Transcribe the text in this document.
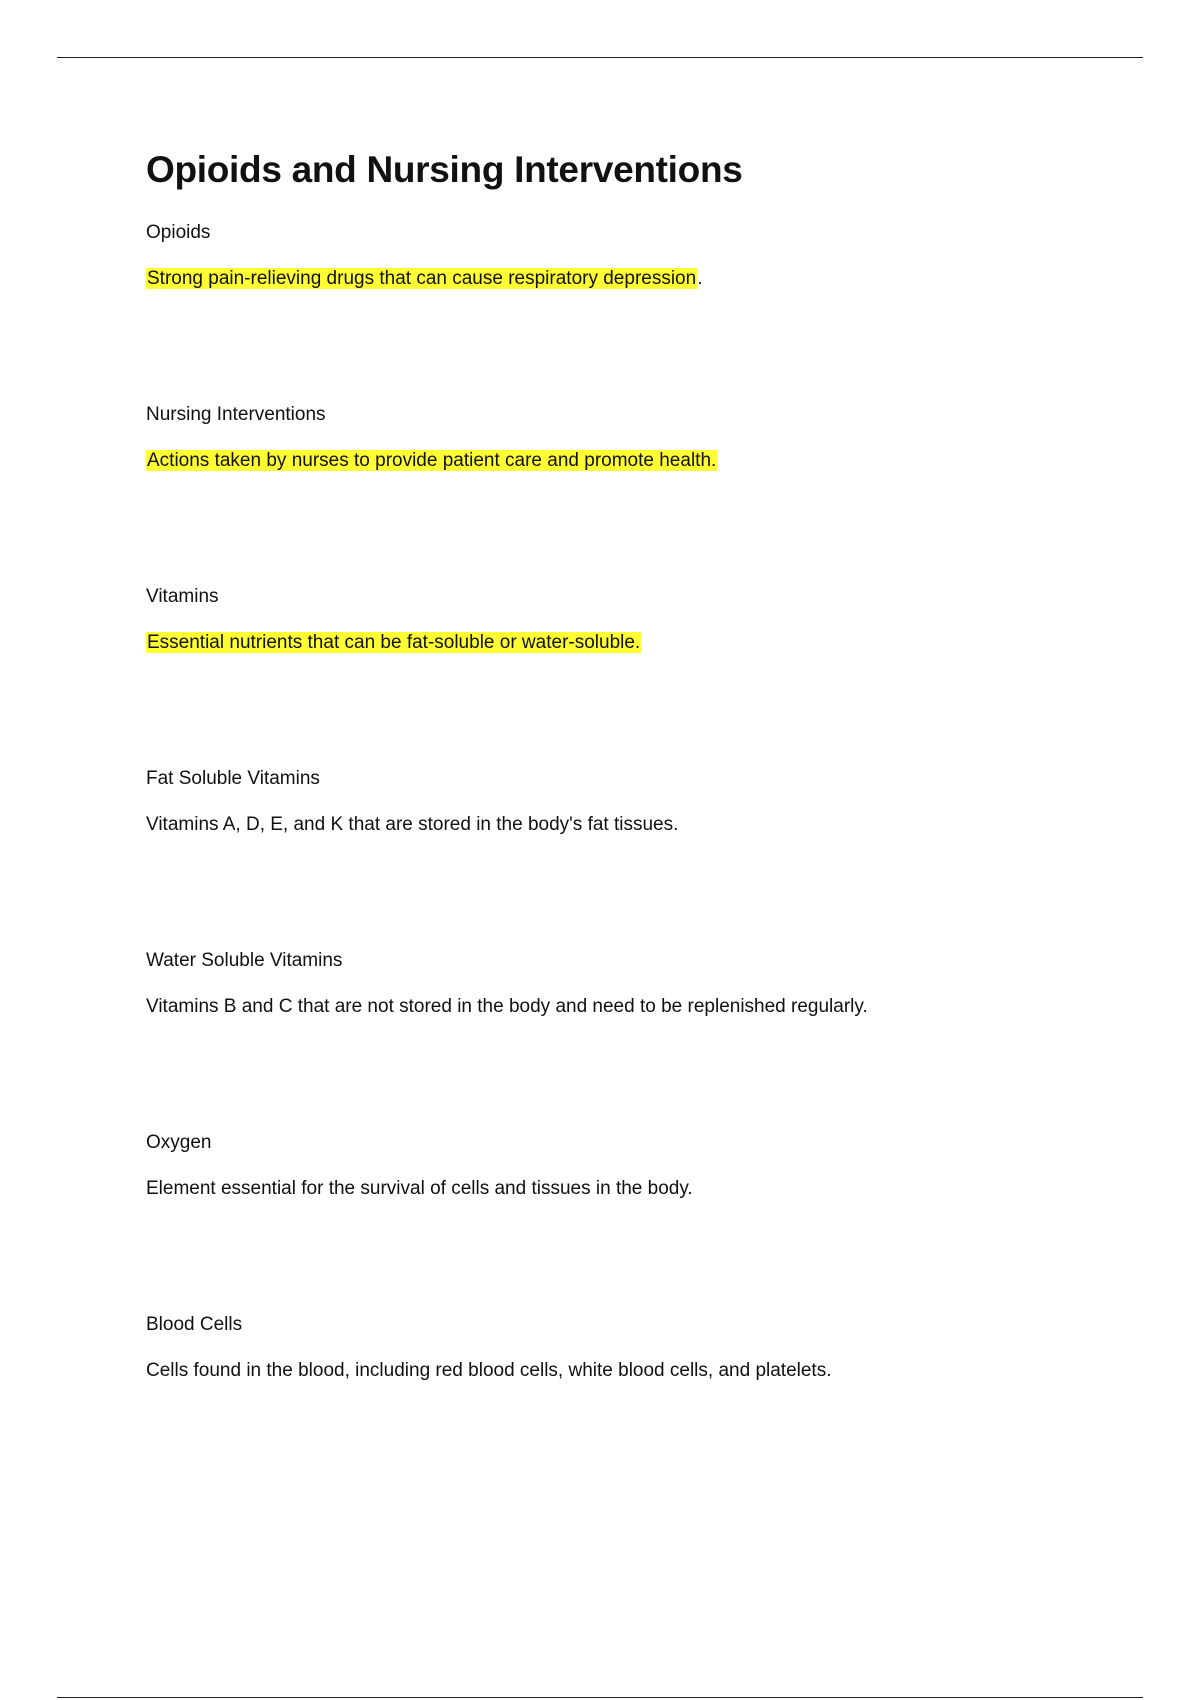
Opioids and Nursing Interventions

Opioids

Strong pain-relieving drugs that can cause respiratory depression.

Nursing Interventions

Actions taken by nurses to provide patient care and promote health.

Vitamins

Essential nutrients that can be fat-soluble or water-soluble.

Fat Soluble Vitamins

Vitamins A, D, E, and K that are stored in the body's fat tissues.

Water Soluble Vitamins

Vitamins B and C that are not stored in the body and need to be replenished regularly.

Oxygen

Element essential for the survival of cells and tissues in the body.

Blood Cells

Cells found in the blood, including red blood cells, white blood cells, and platelets.
